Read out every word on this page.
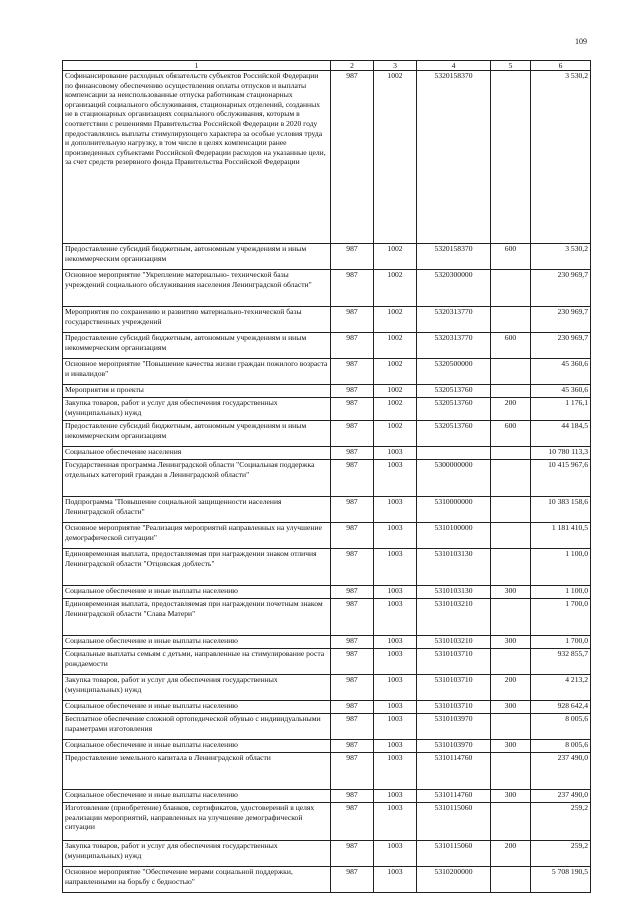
109
1	2	3	4	5	6
Софинансирование расходных обязательств субъектов Российской Федерации по финансовому обеспечению осуществления оплаты отпусков и выплаты компенсации за неиспользованные отпуска работникам стационарных организаций социального обслуживания, стационарных отделений, созданных не в стационарных организациях социального обслуживания, которым в соответствии с решениями Правительства Российской Федерации в 2020 году предоставлялись выплаты стимулирующего характера за особые условия труда и дополнительную нагрузку, в том числе в целях компенсации ранее произведенных субъектами Российской Федерации расходов на указанные цели, за счет средств резервного фонда Правительства Российской Федерации	987	1002	5320158370		3 530,2
Предоставление субсидий бюджетным, автономным учреждениям и иным некоммерческим организациям	987	1002	5320158370	600	3 530,2
Основное мероприятие "Укрепление материально- технической базы учреждений социального обслуживания населения Ленинградской области"	987	1002	5320300000		230 969,7
Мероприятия по сохранению и развитию материально-технической базы государственных учреждений	987	1002	5320313770		230 969,7
Предоставление субсидий бюджетным, автономным учреждениям и иным некоммерческим организациям	987	1002	5320313770	600	230 969,7
Основное мероприятие "Повышение качества жизни граждан пожилого возраста и инвалидов"	987	1002	5320500000		45 360,6
Мероприятия и проекты	987	1002	5320513760		45 360,6
Закупка товаров, работ и услуг для обеспечения государственных (муниципальных) нужд	987	1002	5320513760	200	1 176,1
Предоставление субсидий бюджетным, автономным учреждениям и иным некоммерческим организациям	987	1002	5320513760	600	44 184,5
Социальное обеспечение населения	987	1003			10 780 113,3
Государственная программа Ленинградской области "Социальная поддержка отдельных категорий граждан в Ленинградской области"	987	1003	5300000000		10 415 967,6
Подпрограмма "Повышение социальной защищенности населения Ленинградской области"	987	1003	5310000000		10 383 158,6
Основное мероприятие "Реализация мероприятий направленных на улучшение демографической ситуации"	987	1003	5310100000		1 181 410,5
Единовременная выплата, предоставляемая при награждении знаком отличия Ленинградской области "Отцовская доблесть"	987	1003	5310103130		1 100,0
Социальное обеспечение и иные выплаты населению	987	1003	5310103130	300	1 100,0
Единовременная выплата, предоставляемая при награждении почетным знаком Ленинградской области "Слава Матери"	987	1003	5310103210		1 700,0
Социальное обеспечение и иные выплаты населению	987	1003	5310103210	300	1 700,0
Социальные выплаты семьям с детьми, направленные на стимулирование роста рождаемости	987	1003	5310103710		932 855,7
Закупка товаров, работ и услуг для обеспечения государственных (муниципальных) нужд	987	1003	5310103710	200	4 213,2
Социальное обеспечение и иные выплаты населению	987	1003	5310103710	300	928 642,4
Бесплатное обеспечение сложной ортопедической обувью с индивидуальными параметрами изготовления	987	1003	5310103970		8 005,6
Социальное обеспечение и иные выплаты населению	987	1003	5310103970	300	8 005,6
Предоставление земельного капитала в Ленинградской области	987	1003	5310114760		237 490,0
Социальное обеспечение и иные выплаты населению	987	1003	5310114760	300	237 490,0
Изготовление (приобретение) бланков, сертификатов, удостоверений в целях реализации мероприятий, направленных на улучшение демографической ситуации	987	1003	5310115060		259,2
Закупка товаров, работ и услуг для обеспечения государственных (муниципальных) нужд	987	1003	5310115060	200	259,2
Основное мероприятие "Обеспечение мерами социальной поддержки, направленными на борьбу с бедностью"	987	1003	5310200000		5 708 190,5
